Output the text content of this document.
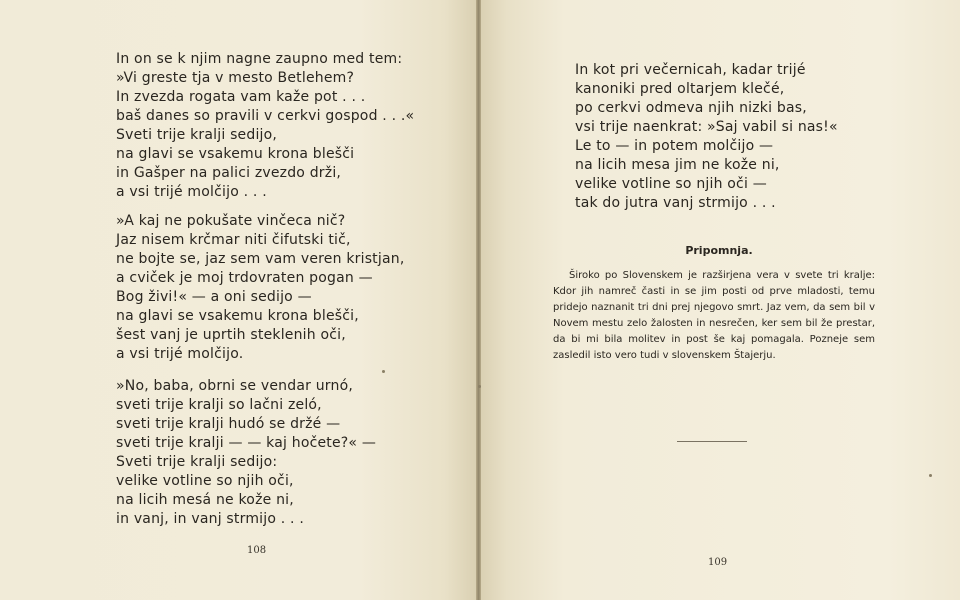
In on se k njim nagne zaupno med tem:
»Vi greste tja v mesto Betlehem?
In zvezda rogata vam kaže pot . . .
baš danes so pravili v cerkvi gospod . . .«
Sveti trije kralji sedijo,
na glavi se vsakemu krona blešči
in Gašper na palici zvezdo drži,
a vsi trijé molčijo . . .
»A kaj ne pokušate vinčeca nič?
Jaz nisem krčmar niti čifutski tič,
ne bojte se, jaz sem vam veren kristjan,
a cviček je moj trdovraten pogan —
Bog živi!« — a oni sedijo —
na glavi se vsakemu krona blešči,
šest vanj je uprtih steklenih oči,
a vsi trijé molčijo.
»No, baba, obrni se vendar urnó,
sveti trije kralji so lačni zeló,
sveti trije kralji hudó se držé —
sveti trije kralji — — kaj hočete?« —
Sveti trije kralji sedijo:
velike votline so njih oči,
na licih mesá ne kože ni,
in vanj, in vanj strmijo . . .
108
In kot pri večernicah, kadar trijé
kanoniki pred oltarjem klečé,
po cerkvi odmeva njih nizki bas,
vsi trije naenkrat: »Saj vabil si nas!«
Le to — in potem molčijo —
na licih mesa jim ne kože ni,
velike votline so njih oči —
tak do jutra vanj strmijo . . .
Pripomnja.

Široko po Slovenskem je razširjena vera v svete tri kralje: Kdor jih namreč časti in se jim posti od prve mladosti, temu pridejo naznanit tri dni prej njegovo smrt. Jaz vem, da sem bil v Novem mestu zelo žalosten in nesrečen, ker sem bil že prestar, da bi mi bila molitev in post še kaj pomagala. Pozneje sem zasledil isto vero tudi v slovenskem Štajerju.

109
